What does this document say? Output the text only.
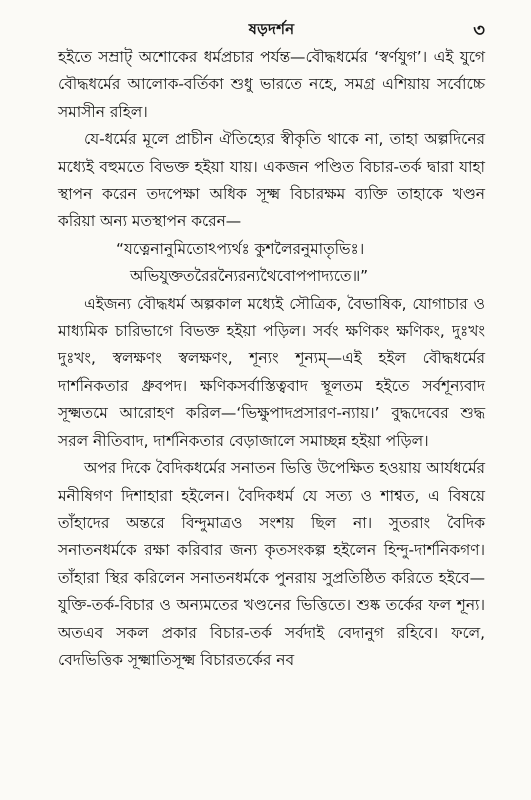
ষড়দর্শন	৩

হইতে সম্রাট্‌ অশোকের ধর্মপ্রচার পর্যন্ত—বৌদ্ধধর্মের ‘স্বর্ণযুগ’। এই যুগে বৌদ্ধধর্মের আলোক-বর্তিকা শুধু ভারতে নহে, সমগ্র এশিয়ায় সর্বোচ্চে সমাসীন রহিল।

যে-ধর্মের মূলে প্রাচীন ঐতিহ্যের স্বীকৃতি থাকে না, তাহা অল্পদিনের মধ্যেই বহুমতে বিভক্ত হইয়া যায়। একজন পণ্ডিত বিচার-তর্ক দ্বারা যাহা স্থাপন করেন তদপেক্ষা অধিক সূক্ষ্ম বিচারক্ষম ব্যক্তি তাহাকে খণ্ডন করিয়া অন্য মতস্থাপন করেন—

“যত্নেনানুমিতোঽপ্যর্থঃ কুশলৈরনুমাতৃভিঃ।
অভিযুক্ততরৈরন্যৈরন্যথৈবোপপাদ্যতে॥”

এইজন্য বৌদ্ধধর্ম অল্পকাল মধ্যেই সৌত্রিক, বৈভাষিক, যোগাচার ও মাধ্যমিক চারিভাগে বিভক্ত হইয়া পড়িল। সর্বং ক্ষণিকং ক্ষণিকং, দুঃখং দুঃখং, স্বলক্ষণং স্বলক্ষণং, শূন্যং শূন্যম্‌—এই হইল বৌদ্ধধর্মের দার্শনিকতার ধ্রুবপদ। ক্ষণিকসর্বাস্তিত্ববাদ স্থূলতম হইতে সর্বশূন্যবাদ সূক্ষ্মতমে আরোহণ করিল—‘ভিক্ষুপাদপ্রসারণ-ন্যায়।’ বুদ্ধদেবের শুদ্ধ সরল নীতিবাদ, দার্শনিকতার বেড়াজালে সমাচ্ছন্ন হইয়া পড়িল।

অপর দিকে বৈদিকধর্মের সনাতন ভিত্তি উপেক্ষিত হওয়ায় আর্যধর্মের মনীষিগণ দিশাহারা হইলেন। বৈদিকধর্ম যে সত্য ও শাশ্বত, এ বিষয়ে তাঁহাদের অন্তরে বিন্দুমাত্রও সংশয় ছিল না। সুতরাং বৈদিক সনাতনধর্মকে রক্ষা করিবার জন্য কৃতসংকল্প হইলেন হিন্দু-দার্শনিকগণ। তাঁহারা স্থির করিলেন সনাতনধর্মকে পুনরায় সুপ্রতিষ্ঠিত করিতে হইবে—যুক্তি-তর্ক-বিচার ও অন্যমতের খণ্ডনের ভিত্তিতে। শুষ্ক তর্কের ফল শূন্য। অতএব সকল প্রকার বিচার-তর্ক সর্বদাই বেদানুগ রহিবে। ফলে, বেদভিত্তিক সূক্ষ্মাতিসূক্ষ্ম বিচারতর্কের নব
